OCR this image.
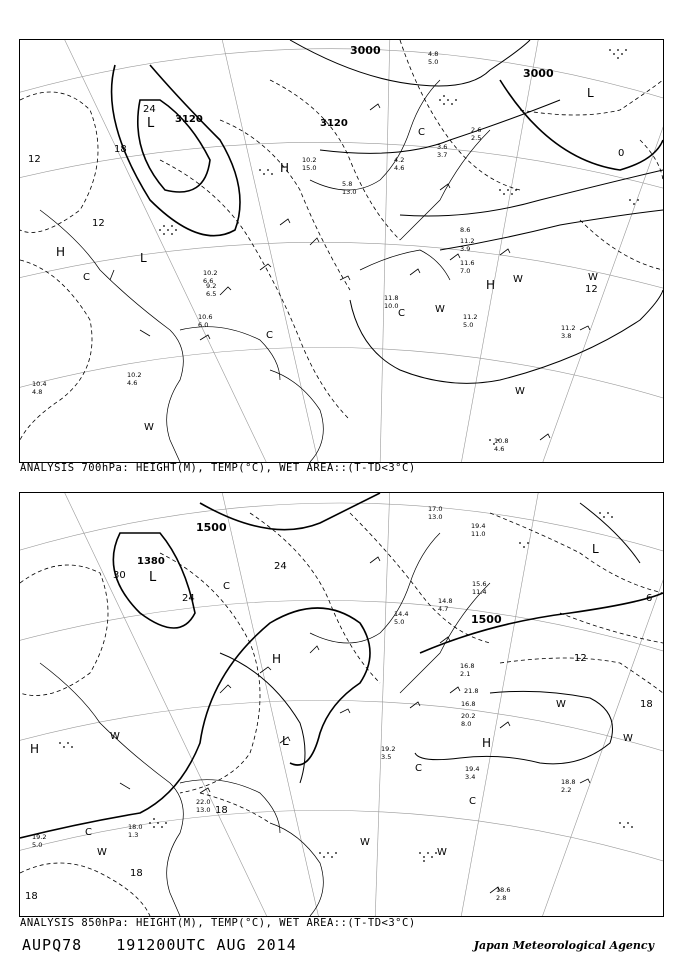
3000
3000
3120	3120
24
18
12
12
12
0
L
L
L
H
H
H
C
C
C
C
W
W	W
W
W
10.2
15.0
8.6
11.2
3.9
11.6
7.0
11.8
10.0
11.2
5.0	11.2
3.8
10.8
4.6
9.2
6.5
10.2
6.6
10.6
6.0
10.4
4.8
10.2
4.6
4.8
5.0
2.6
2.5
3.6
3.7
4.2
4.6
5.8
13.0
ANALYSIS 700hPa: HEIGHT(M), TEMP(°C), WET AREA::(T-TD<3°C)
1500
1500
1380
30
24
24
18
18
18
18
12
6
L
L
L
H
H
H
C
C
C
C
W
W
W
W
W
W
17.0
13.0
19.4
11.0
15.6
11.4
14.8
4.7
14.4
5.0
16.8
2.1
21.8
16.8
20.2
8.0
19.2
3.5
19.4
3.4
18.8
2.2
18.6
2.8
19.2
5.0
18.0
1.3
22.0
13.0
ANALYSIS 850hPa: HEIGHT(M), TEMP(°C), WET AREA::(T-TD<3°C)
AUPQ78 191200UTC AUG 2014	Japan Meteorological Agency
